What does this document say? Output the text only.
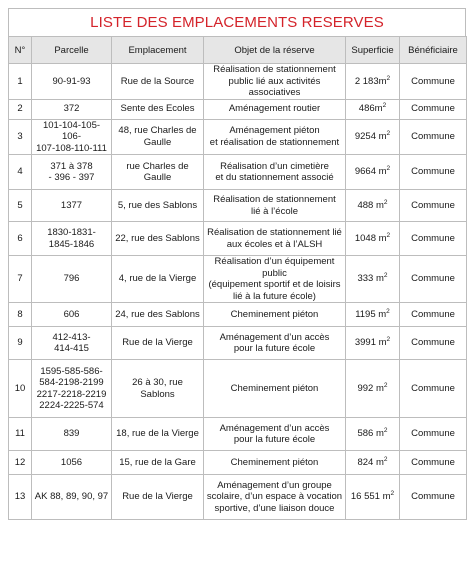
LISTE DES EMPLACEMENTS RESERVES
N°	Parcelle	Emplacement	Objet de la réserve	Superficie	Bénéficiaire
1	90-91-93	Rue de la Source	Réalisation de stationnement
public lié aux activités associatives	2 $183m^2$	Commune
2	372	Sente des Ecoles	Aménagement routier	$486m^2$	Commune
3	101-104-105-106-
107-108-110-111	48, rue Charles de
Gaulle	Aménagement piéton
et réalisation de stationnement	9254 $m^2$	Commune
4	371 à 378
- 396 - 397	rue Charles de Gaulle	Réalisation d’un cimetière
et du stationnement associé	9664 $m^2$	Commune
5	1377	5, rue des Sablons	Réalisation de stationnement
lié à l’école	488 $m^2$	Commune
6	1830-1831-
1845-1846	22, rue des Sablons	Réalisation de stationnement lié
aux écoles et à l’ALSH	1048 $m^2$	Commune
7	796	4, rue de la Vierge	Réalisation d’un équipement public
(équipement sportif et de loisirs
lié à la future école)	333 $m^2$	Commune
8	606	24, rue des Sablons	Cheminement piéton	1195 $m^2$	Commune
9	412-413-
414-415	Rue de la Vierge	Aménagement d’un accès
pour la future école	3991 $m^2$	Commune
10	1595-585-586-
584-2198-2199
2217-2218-2219
2224-2225-574	26 à 30, rue Sablons	Cheminement piéton	992 $m^2$	Commune
11	839	18, rue de la Vierge	Aménagement d’un accès
pour la future école	586 $m^2$	Commune
12	1056	15, rue de la Gare	Cheminement piéton	824 $m^2$	Commune
13	AK 88, 89, 90, 97	Rue de la Vierge	Aménagement d’un groupe
scolaire, d’un espace à vocation
sportive, d’une liaison douce	16 551 $m^2$	Commune
